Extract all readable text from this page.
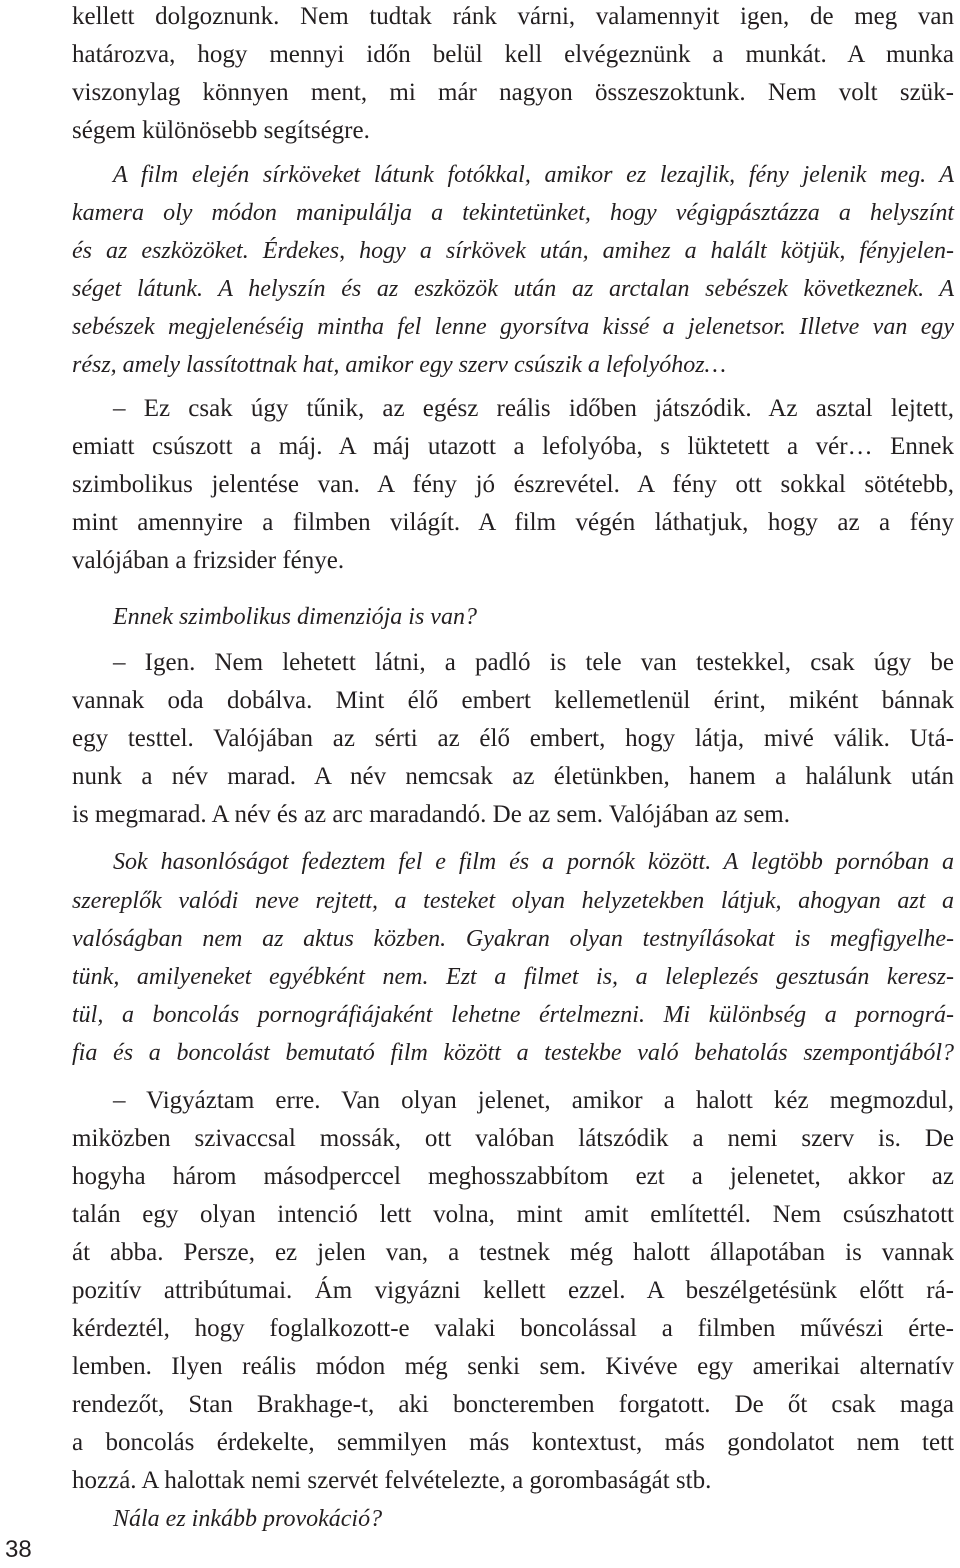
kellett dolgoznunk. Nem tudtak ránk várni, valamennyit igen, de meg van

határozva, hogy mennyi időn belül kell elvégeznünk a munkát. A munka

viszonylag könnyen ment, mi már nagyon összeszoktunk. Nem volt szük-

ségem különösebb segítségre.

A film elején sírköveket látunk fotókkal, amikor ez lezajlik, fény jelenik meg. A

kamera oly módon manipulálja a tekintetünket, hogy végigpásztázza a helyszínt

és az eszközöket. Érdekes, hogy a sírkövek után, amihez a halált kötjük, fényjelen-

séget látunk. A helyszín és az eszközök után az arctalan sebészek következnek. A

sebészek megjelenéséig mintha fel lenne gyorsítva kissé a jelenetsor. Illetve van egy

rész, amely lassítottnak hat, amikor egy szerv csúszik a lefolyóhoz…

– Ez csak úgy tűnik, az egész reális időben játszódik. Az asztal lejtett,

emiatt csúszott a máj. A máj utazott a lefolyóba, s lüktetett a vér… Ennek

szimbolikus jelentése van. A fény jó észrevétel. A fény ott sokkal sötétebb,

mint amennyire a filmben világít. A film végén láthatjuk, hogy az a fény

valójában a frizsider fénye.

Ennek szimbolikus dimenziója is van?

– Igen. Nem lehetett látni, a padló is tele van testekkel, csak úgy be

vannak oda dobálva. Mint élő embert kellemetlenül érint, miként bánnak

egy testtel. Valójában az sérti az élő embert, hogy látja, mivé válik. Utá-

nunk a név marad. A név nemcsak az életünkben, hanem a halálunk után

is megmarad. A név és az arc maradandó. De az sem. Valójában az sem.

Sok hasonlóságot fedeztem fel e film és a pornók között. A legtöbb pornóban a

szereplők valódi neve rejtett, a testeket olyan helyzetekben látjuk, ahogyan azt a

valóságban nem az aktus közben. Gyakran olyan testnyílásokat is megfigyelhe-

tünk, amilyeneket egyébként nem. Ezt a filmet is, a leleplezés gesztusán keresz-

tül, a boncolás pornográfiájaként lehetne értelmezni. Mi különbség a pornográ-

fia és a boncolást bemutató film között a testekbe való behatolás szempontjából?

– Vigyáztam erre. Van olyan jelenet, amikor a halott kéz megmozdul,

miközben szivaccsal mossák, ott valóban látszódik a nemi szerv is. De

hogyha három másodperccel meghosszabbítom ezt a jelenetet, akkor az

talán egy olyan intenció lett volna, mint amit említettél. Nem csúszhatott

át abba. Persze, ez jelen van, a testnek még halott állapotában is vannak

pozitív attribútumai. Ám vigyázni kellett ezzel. A beszélgetésünk előtt rá-

kérdeztél, hogy foglalkozott-e valaki boncolással a filmben művészi érte-

lemben. Ilyen reális módon még senki sem. Kivéve egy amerikai alternatív

rendezőt, Stan Brakhage-t, aki boncteremben forgatott. De őt csak maga

a boncolás érdekelte, semmilyen más kontextust, más gondolatot nem tett

hozzá. A halottak nemi szervét felvételezte, a gorombaságát stb.

Nála ez inkább provokáció?

38
